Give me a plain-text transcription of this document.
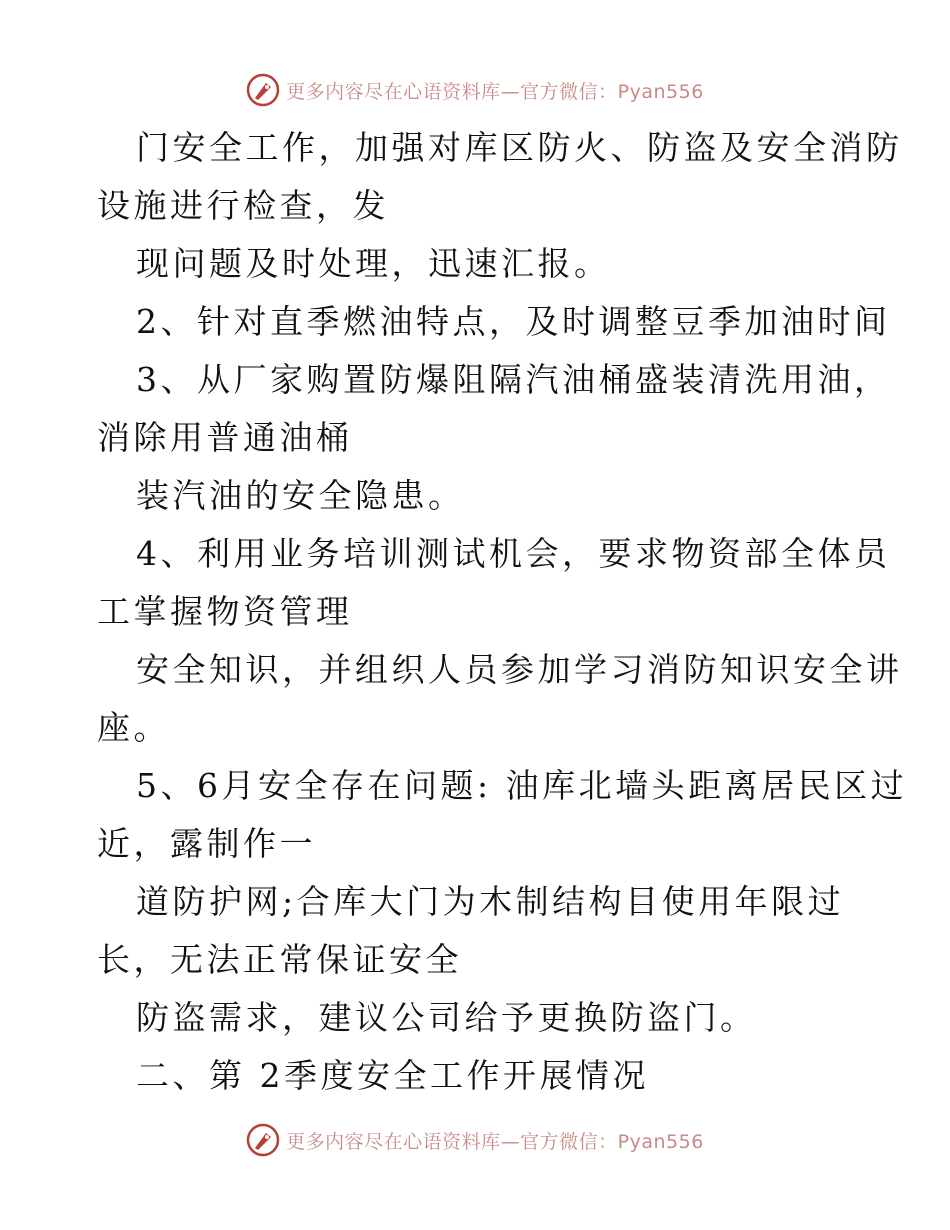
更多内容尽在心语资料库—官方微信：Pyan556
门安全工作，加强对库区防火、防盗及安全消防
设施进行检查，发
现问题及时处理，迅速汇报。
2、针对直季燃油特点，及时调整豆季加油时间
3、从厂家购置防爆阻隔汽油桶盛装清洗用油，
消除用普通油桶
装汽油的安全隐患。
4、利用业务培训测试机会，要求物资部全体员
工掌握物资管理
安全知识，并组织人员参加学习消防知识安全讲
座。
5、6月安全存在问题: 油库北墙头距离居民区过
近，露制作一
道防护网;合库大门为木制结构目使用年限过
长，无法正常保证安全
防盗需求，建议公司给予更换防盗门。
二、第 2季度安全工作开展情况
更多内容尽在心语资料库—官方微信：Pyan556
